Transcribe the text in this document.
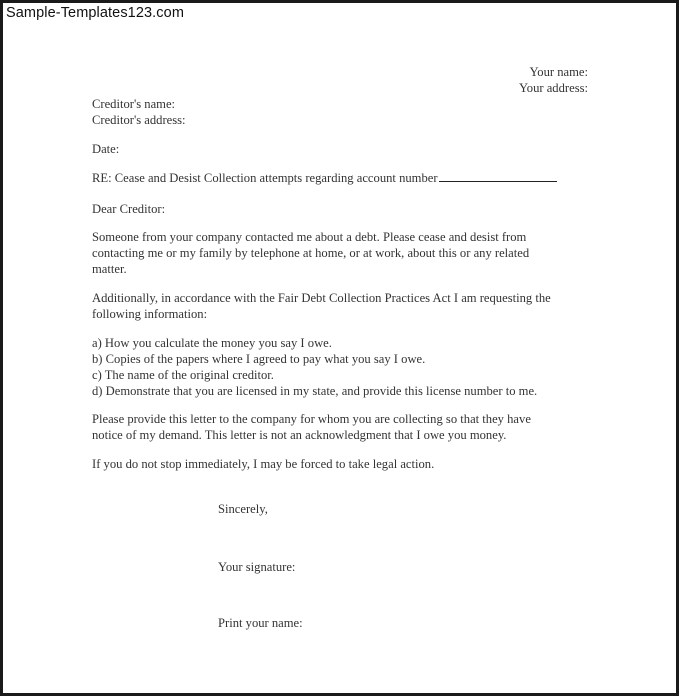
Sample-Templates123.com
Your name:
Your address:
Creditor's name:
Creditor's address:
Date:
RE: Cease and Desist Collection attempts regarding account number
Dear Creditor:
Someone from your company contacted me about a debt. Please cease and desist from
contacting me or my family by telephone at home, or at work, about this or any related
matter.
Additionally, in accordance with the Fair Debt Collection Practices Act I am requesting the
following information:
a) How you calculate the money you say I owe.
b) Copies of the papers where I agreed to pay what you say I owe.
c) The name of the original creditor.
d) Demonstrate that you are licensed in my state, and provide this license number to me.
Please provide this letter to the company for whom you are collecting so that they have
notice of my demand. This letter is not an acknowledgment that I owe you money.
If you do not stop immediately, I may be forced to take legal action.
Sincerely,
Your signature:
Print your name:
